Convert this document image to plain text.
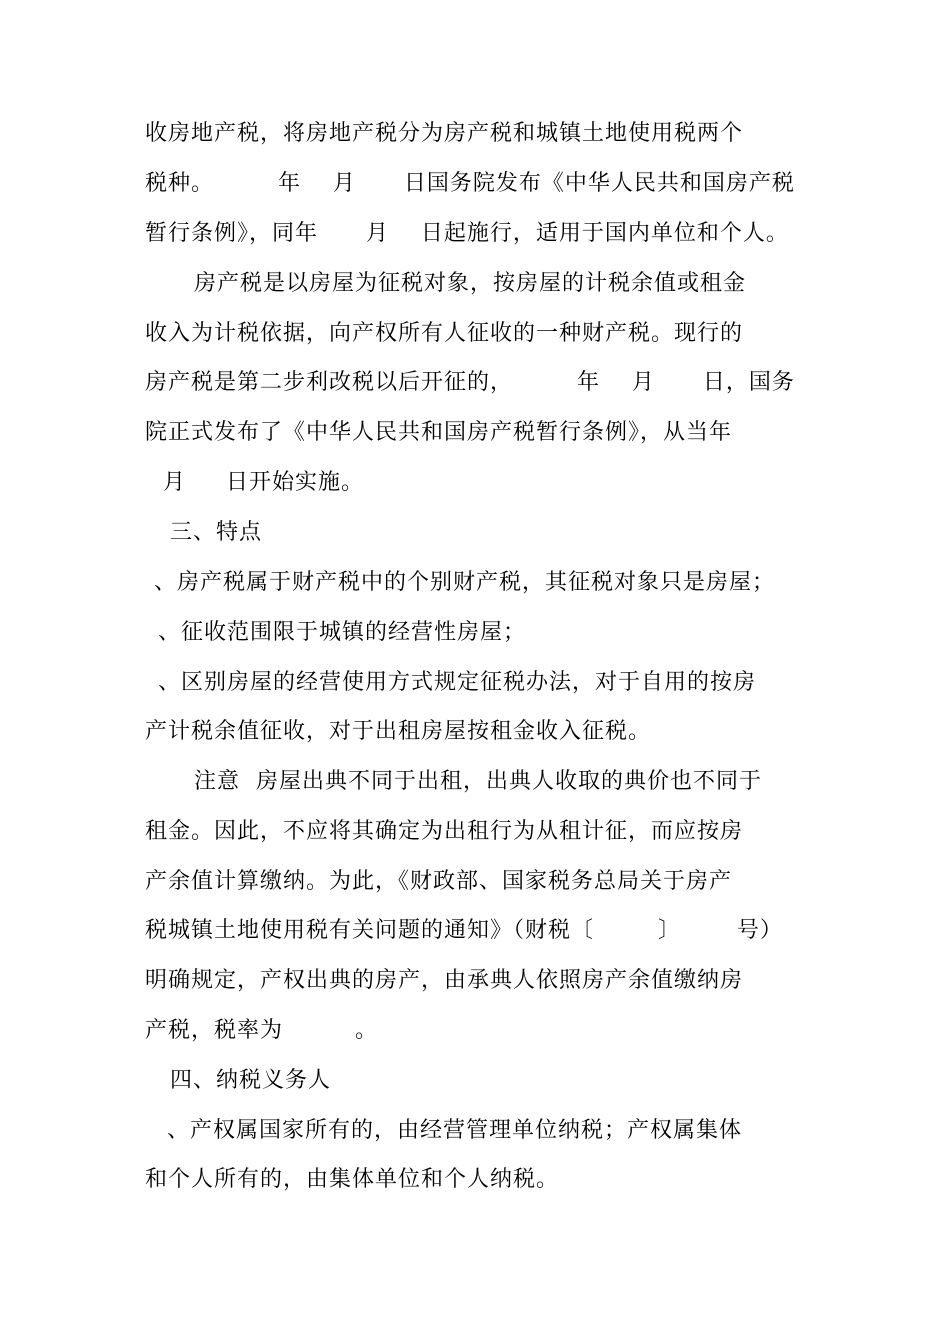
收房地产税，将房地产税分为房产税和城镇土地使用税两个
税种。        年    月      日国务院发布《中华人民共和国房产税
暂行条例》，同年      月    日起施行，适用于国内单位和个人。
房产税是以房屋为征税对象，按房屋的计税余值或租金
收入为计税依据，向产权所有人征收的一种财产税。现行的
房产税是第二步利改税以后开征的，        年    月      日，国务
院正式发布了《中华人民共和国房产税暂行条例》，从当年
月     日开始实施。
三、特点
、房产税属于财产税中的个别财产税，其征税对象只是房屋；
、征收范围限于城镇的经营性房屋；
、区别房屋的经营使用方式规定征税办法，对于自用的按房
产计税余值征收，对于出租房屋按租金收入征税。
注意  房屋出典不同于出租，出典人收取的典价也不同于
租金。因此，不应将其确定为出租行为从租计征，而应按房
产余值计算缴纳。为此，《财政部、国家税务总局关于房产
税城镇土地使用税有关问题的通知》（财税〔        〕       号）
明确规定，产权出典的房产，由承典人依照房产余值缴纳房
产税，税率为         。
四、纳税义务人
、产权属国家所有的，由经营管理单位纳税；产权属集体
和个人所有的，由集体单位和个人纳税。
